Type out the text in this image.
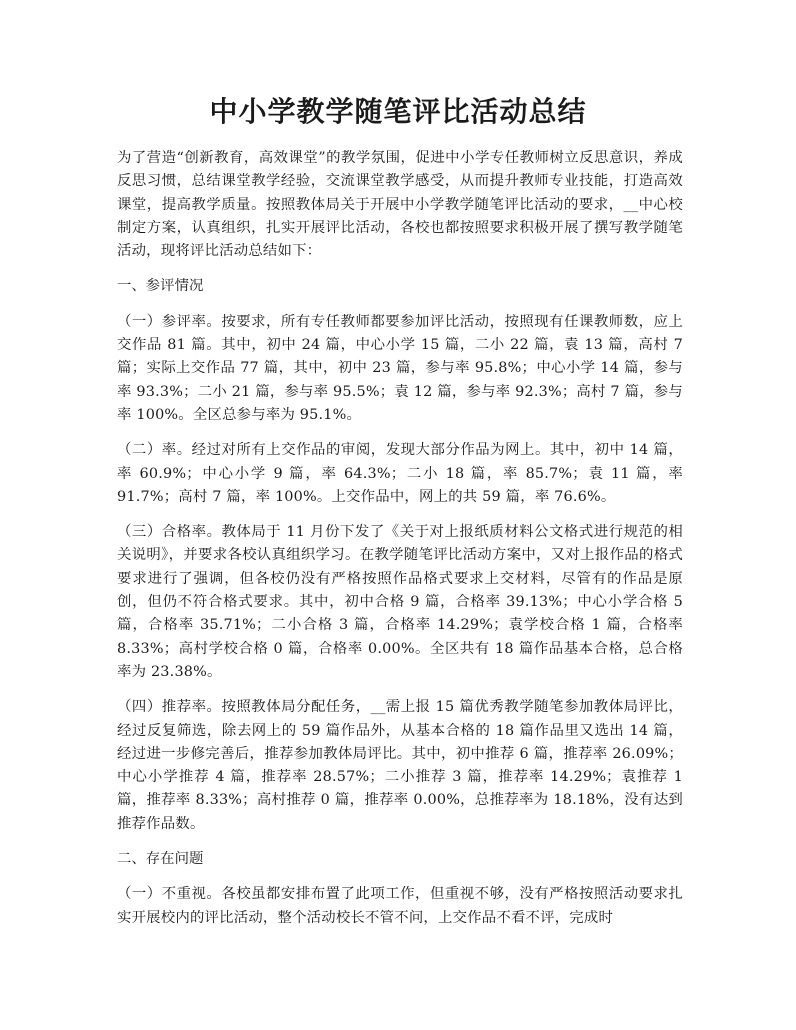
中小学教学随笔评比活动总结

为了营造“创新教育，高效课堂”的教学氛围，促进中小学专任教师树立反思意识，养成反思习惯，总结课堂教学经验，交流课堂教学感受，从而提升教师专业技能，打造高效课堂，提高教学质量。按照教体局关于开展中小学教学随笔评比活动的要求，__中心校制定方案，认真组织，扎实开展评比活动，各校也都按照要求积极开展了撰写教学随笔活动，现将评比活动总结如下：

一、参评情况

（一）参评率。按要求，所有专任教师都要参加评比活动，按照现有任课教师数，应上交作品 81 篇。其中，初中 24 篇，中心小学 15 篇，二小 22 篇，袁 13 篇，高村 7 篇；实际上交作品 77 篇，其中，初中 23 篇，参与率 95.8%；中心小学 14 篇，参与率 93.3%；二小 21 篇，参与率 95.5%；袁 12 篇，参与率 92.3%；高村 7 篇，参与率 100%。全区总参与率为 95.1%。

（二）率。经过对所有上交作品的审阅，发现大部分作品为网上。其中，初中 14 篇，率 60.9%；中心小学 9 篇，率 64.3%；二小 18 篇，率 85.7%；袁 11 篇，率 91.7%；高村 7 篇，率 100%。上交作品中，网上的共 59 篇，率 76.6%。

（三）合格率。教体局于 11 月份下发了《关于对上报纸质材料公文格式进行规范的相关说明》，并要求各校认真组织学习。在教学随笔评比活动方案中，又对上报作品的格式要求进行了强调，但各校仍没有严格按照作品格式要求上交材料，尽管有的作品是原创，但仍不符合格式要求。其中，初中合格 9 篇，合格率 39.13%；中心小学合格 5 篇，合格率 35.71%；二小合格 3 篇，合格率 14.29%；袁学校合格 1 篇，合格率 8.33%；高村学校合格 0 篇，合格率 0.00%。全区共有 18 篇作品基本合格，总合格率为 23.38%。

（四）推荐率。按照教体局分配任务，__需上报 15 篇优秀教学随笔参加教体局评比，经过反复筛选，除去网上的 59 篇作品外，从基本合格的 18 篇作品里又选出 14 篇，经过进一步修完善后，推荐参加教体局评比。其中，初中推荐 6 篇，推荐率 26.09%；中心小学推荐 4 篇，推荐率 28.57%；二小推荐 3 篇，推荐率 14.29%；袁推荐 1 篇，推荐率 8.33%；高村推荐 0 篇，推荐率 0.00%，总推荐率为 18.18%，没有达到推荐作品数。

二、存在问题

（一）不重视。各校虽都安排布置了此项工作，但重视不够，没有严格按照活动要求扎实开展校内的评比活动，整个活动校长不管不问，上交作品不看不评，完成时
